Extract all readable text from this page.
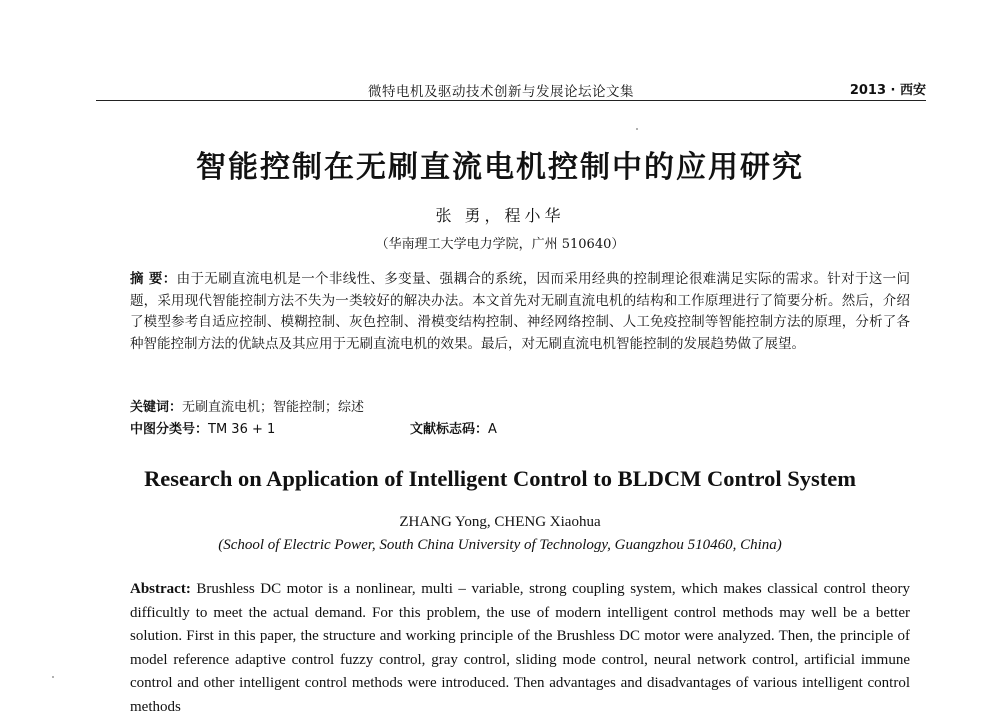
微特电机及驱动技术创新与发展论坛论文集	2013 · 西安
智能控制在无刷直流电机控制中的应用研究
张 勇，程小华
（华南理工大学电力学院，广州 510640）
摘 要：由于无刷直流电机是一个非线性、多变量、强耦合的系统，因而采用经典的控制理论很难满足实际的需求。针对于这一问题，采用现代智能控制方法不失为一类较好的解决办法。本文首先对无刷直流电机的结构和工作原理进行了简要分析。然后，介绍了模型参考自适应控制、模糊控制、灰色控制、滑模变结构控制、神经网络控制、人工免疫控制等智能控制方法的原理，分析了各种智能控制方法的优缺点及其应用于无刷直流电机的效果。最后，对无刷直流电机智能控制的发展趋势做了展望。
关键词：无刷直流电机；智能控制；综述
中图分类号：TM 36 + 1	文献标志码：A
Research on Application of Intelligent Control to BLDCM Control System
ZHANG Yong, CHENG Xiaohua
(School of Electric Power, South China University of Technology, Guangzhou 510460, China)
Abstract: Brushless DC motor is a nonlinear, multi – variable, strong coupling system, which makes classical control theory difficultly to meet the actual demand. For this problem, the use of modern intelligent control methods may well be a better solution. First in this paper, the structure and working principle of the Brushless DC motor were analyzed. Then, the principle of model reference adaptive control fuzzy control, gray control, sliding mode control, neural network control, artificial immune control and other intelligent control methods were introduced. Then advantages and disadvantages of various intelligent control methods
